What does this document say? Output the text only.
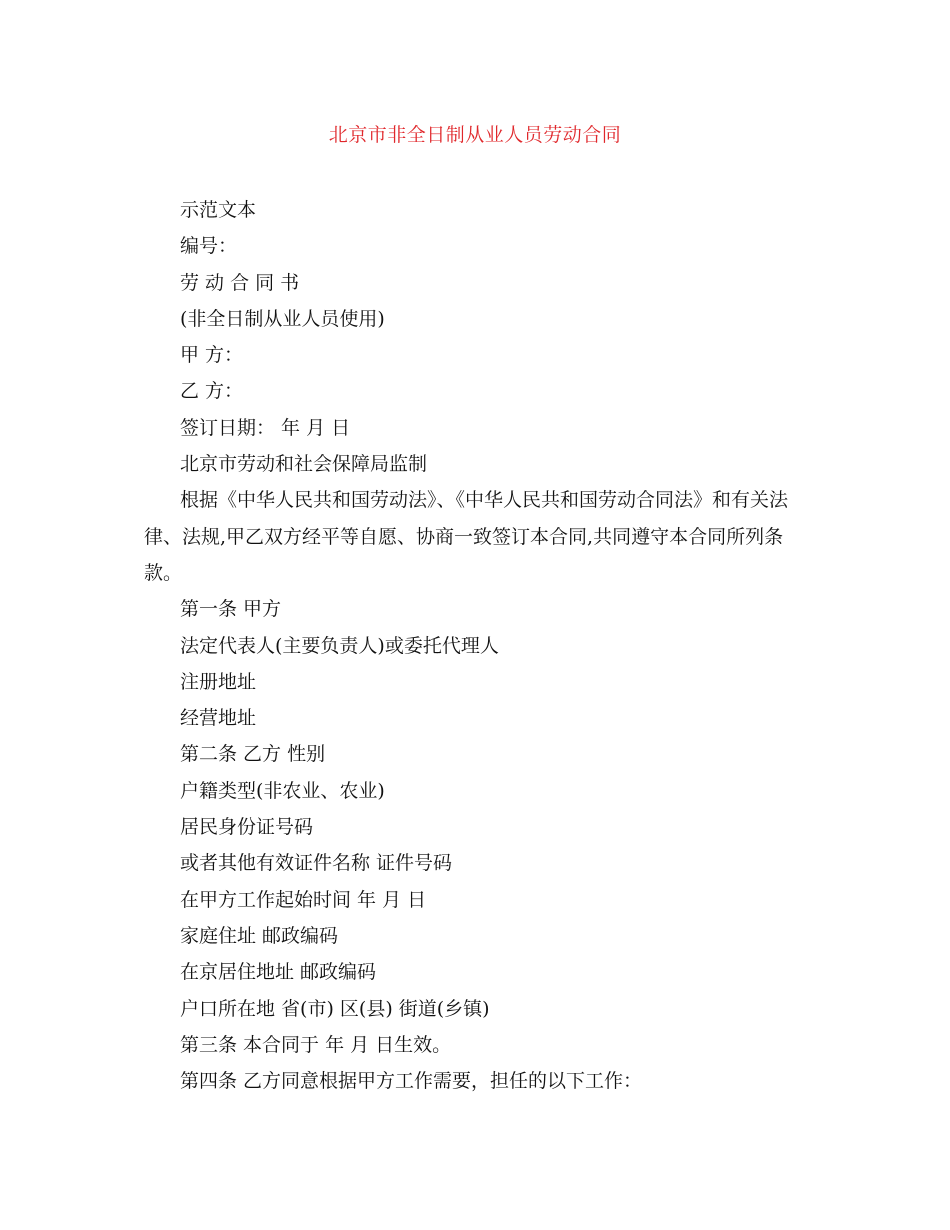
北京市非全日制从业人员劳动合同

示范文本

编号：

劳 动 合 同 书

(非全日制从业人员使用)

甲 方：

乙 方：

签订日期： 年 月 日

北京市劳动和社会保障局监制

根据《中华人民共和国劳动法》、《中华人民共和国劳动合同法》和有关法律、法规,甲乙双方经平等自愿、协商一致签订本合同,共同遵守本合同所列条款。

第一条 甲方

法定代表人(主要负责人)或委托代理人

注册地址

经营地址

第二条 乙方 性别

户籍类型(非农业、农业)

居民身份证号码

或者其他有效证件名称 证件号码

在甲方工作起始时间 年 月 日

家庭住址 邮政编码

在京居住地址 邮政编码

户口所在地 省(市) 区(县) 街道(乡镇)

第三条 本合同于 年 月 日生效。

第四条 乙方同意根据甲方工作需要，担任的以下工作：
